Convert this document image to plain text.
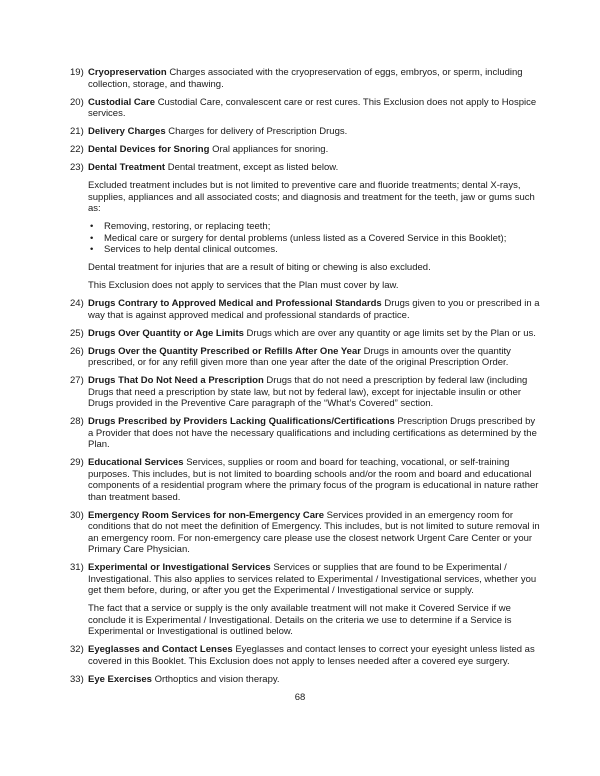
19) Cryopreservation Charges associated with the cryopreservation of eggs, embryos, or sperm, including collection, storage, and thawing.

20) Custodial Care Custodial Care, convalescent care or rest cures. This Exclusion does not apply to Hospice services.

21) Delivery Charges Charges for delivery of Prescription Drugs.

22) Dental Devices for Snoring Oral appliances for snoring.

23) Dental Treatment Dental treatment, except as listed below.

Excluded treatment includes but is not limited to preventive care and fluoride treatments; dental X-rays, supplies, appliances and all associated costs; and diagnosis and treatment for the teeth, jaw or gums such as:

•	Removing, restoring, or replacing teeth;
•	Medical care or surgery for dental problems (unless listed as a Covered Service in this Booklet);
•	Services to help dental clinical outcomes.

Dental treatment for injuries that are a result of biting or chewing is also excluded.

This Exclusion does not apply to services that the Plan must cover by law.

24) Drugs Contrary to Approved Medical and Professional Standards Drugs given to you or prescribed in a way that is against approved medical and professional standards of practice.

25) Drugs Over Quantity or Age Limits Drugs which are over any quantity or age limits set by the Plan or us.

26) Drugs Over the Quantity Prescribed or Refills After One Year Drugs in amounts over the quantity prescribed, or for any refill given more than one year after the date of the original Prescription Order.

27) Drugs That Do Not Need a Prescription Drugs that do not need a prescription by federal law (including Drugs that need a prescription by state law, but not by federal law), except for injectable insulin or other Drugs provided in the Preventive Care paragraph of the “What’s Covered” section.

28) Drugs Prescribed by Providers Lacking Qualifications/Certifications Prescription Drugs prescribed by a Provider that does not have the necessary qualifications and including certifications as determined by the Plan.

29) Educational Services Services, supplies or room and board for teaching, vocational, or self-training purposes. This includes, but is not limited to boarding schools and/or the room and board and educational components of a residential program where the primary focus of the program is educational in nature rather than treatment based.

30) Emergency Room Services for non-Emergency Care Services provided in an emergency room for conditions that do not meet the definition of Emergency. This includes, but is not limited to suture removal in an emergency room. For non-emergency care please use the closest network Urgent Care Center or your Primary Care Physician.

31) Experimental or Investigational Services Services or supplies that are found to be Experimental / Investigational. This also applies to services related to Experimental / Investigational services, whether you get them before, during, or after you get the Experimental / Investigational service or supply.

The fact that a service or supply is the only available treatment will not make it Covered Service if we conclude it is Experimental / Investigational. Details on the criteria we use to determine if a Service is Experimental or Investigational is outlined below.

32) Eyeglasses and Contact Lenses Eyeglasses and contact lenses to correct your eyesight unless listed as covered in this Booklet. This Exclusion does not apply to lenses needed after a covered eye surgery.

33) Eye Exercises Orthoptics and vision therapy.

68
